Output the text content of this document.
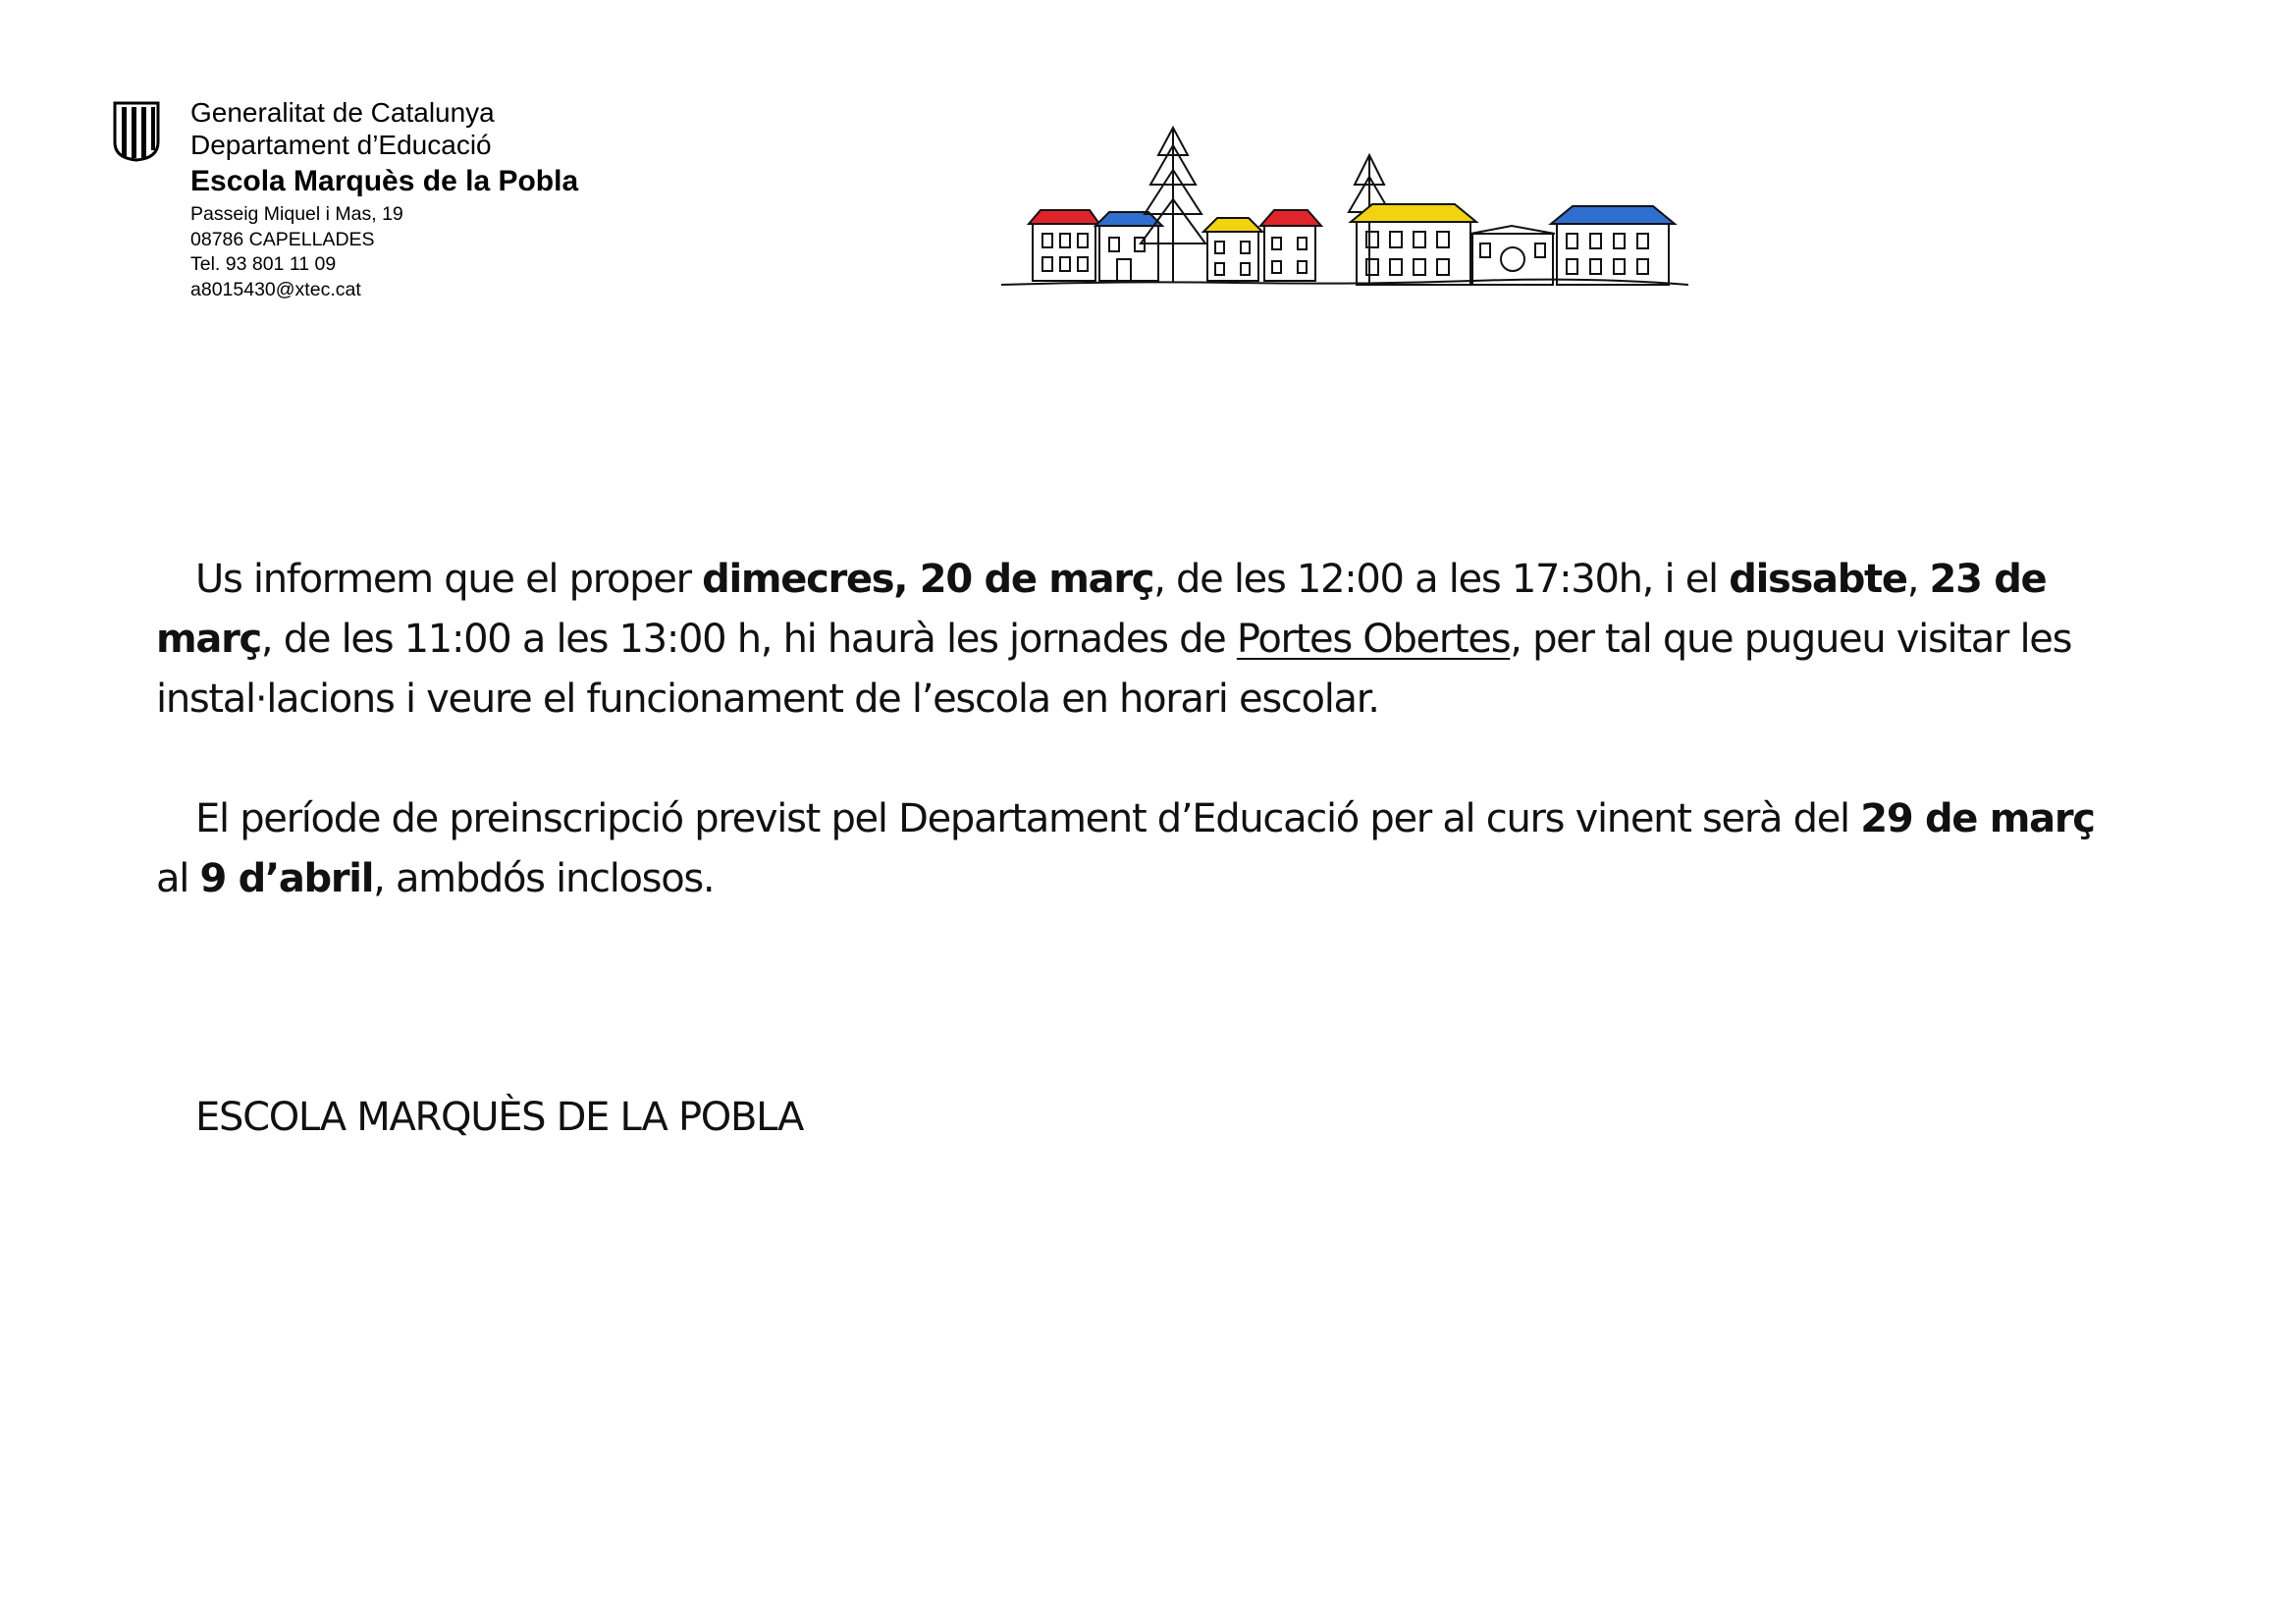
Generalitat de Catalunya
Departament d’Educació
Escola Marquès de la Pobla
Passeig Miquel i Mas, 19
08786 CAPELLADES
Tel. 93 801 11 09
a8015430@xtec.cat

Us informem que el proper dimecres, 20 de març, de les 12:00 a les 17:30h, i el dissabte, 23 de març, de les 11:00 a les 13:00 h, hi haurà les jornades de Portes Obertes, per tal que pugueu visitar les instal·lacions i veure el funcionament de l’escola en horari escolar.

El període de preinscripció previst pel Departament d’Educació per al curs vinent serà del 29 de març al 9 d’abril, ambdós inclosos.

ESCOLA MARQUÈS DE LA POBLA
